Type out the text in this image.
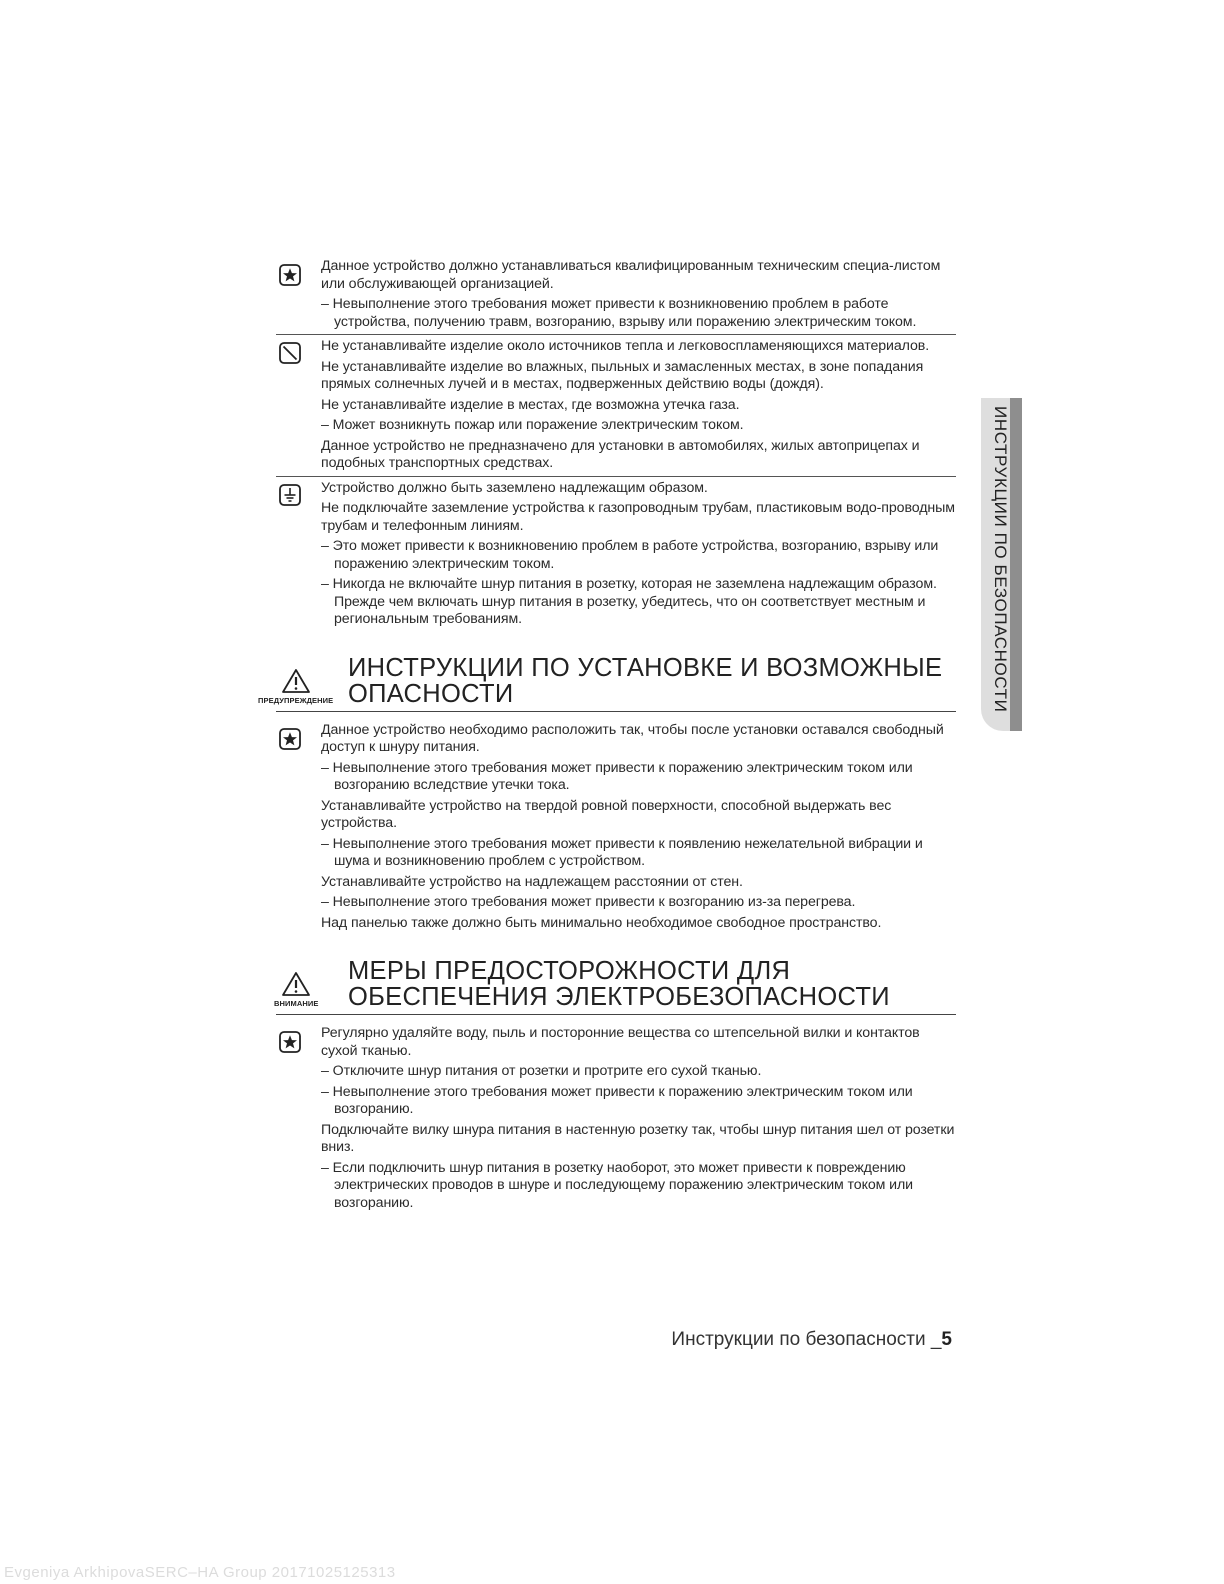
Данное устройство должно устанавливаться квалифицированным техническим специа-листом или обслуживающей организацией.

– Невыполнение этого требования может привести к возникновению проблем в работе устройства, получению травм, возгоранию, взрыву или поражению электрическим током.

Не устанавливайте изделие около источников тепла и легковоспламеняющихся материалов.

Не устанавливайте изделие во влажных, пыльных и замасленных местах, в зоне попадания прямых солнечных лучей и в местах, подверженных действию воды (дождя).

Не устанавливайте изделие в местах, где возможна утечка газа.

– Может возникнуть пожар или поражение электрическим током.

Данное устройство не предназначено для установки в автомобилях, жилых автоприцепах и подобных транспортных средствах.

Устройство должно быть заземлено надлежащим образом.

Не подключайте заземление устройства к газопроводным трубам, пластиковым водо-проводным трубам и телефонным линиям.

– Это может привести к возникновению проблем в работе устройства, возгоранию, взрыву или поражению электрическим током.

– Никогда не включайте шнур питания в розетку, которая не заземлена надлежащим образом. Прежде чем включать шнур питания в розетку, убедитесь, что он соответствует местным и региональным требованиям.

ПРЕДУПРЕЖДЕНИЕ
ИНСТРУКЦИИ ПО УСТАНОВКЕ И ВОЗМОЖНЫЕ
ОПАСНОСТИ

Данное устройство необходимо расположить так, чтобы после установки оставался свободный доступ к шнуру питания.

– Невыполнение этого требования может привести к поражению электрическим током или возгоранию вследствие утечки тока.

Устанавливайте устройство на твердой ровной поверхности, способной выдержать вес устройства.

– Невыполнение этого требования может привести к появлению нежелательной вибрации и шума и возникновению проблем с устройством.

Устанавливайте устройство на надлежащем расстоянии от стен.

– Невыполнение этого требования может привести к возгоранию из-за перегрева.

Над панелью также должно быть минимально необходимое свободное пространство.

ВНИМАНИЕ
МЕРЫ ПРЕДОСТОРОЖНОСТИ ДЛЯ
ОБЕСПЕЧЕНИЯ ЭЛЕКТРОБЕЗОПАСНОСТИ

Регулярно удаляйте воду, пыль и посторонние вещества со штепсельной вилки и контактов сухой тканью.

– Отключите шнур питания от розетки и протрите его сухой тканью.

– Невыполнение этого требования может привести к поражению электрическим током или возгоранию.

Подключайте вилку шнура питания в настенную розетку так, чтобы шнур питания шел от розетки вниз.

– Если подключить шнур питания в розетку наоборот, это может привести к повреждению электрических проводов в шнуре и последующему поражению электрическим током или возгоранию.

ИНСТРУКЦИИ ПО БЕЗОПАСНОСТИ
Инструкции по безопасности _5
Evgeniya ArkhipovaSERC–HA Group 20171025125313
